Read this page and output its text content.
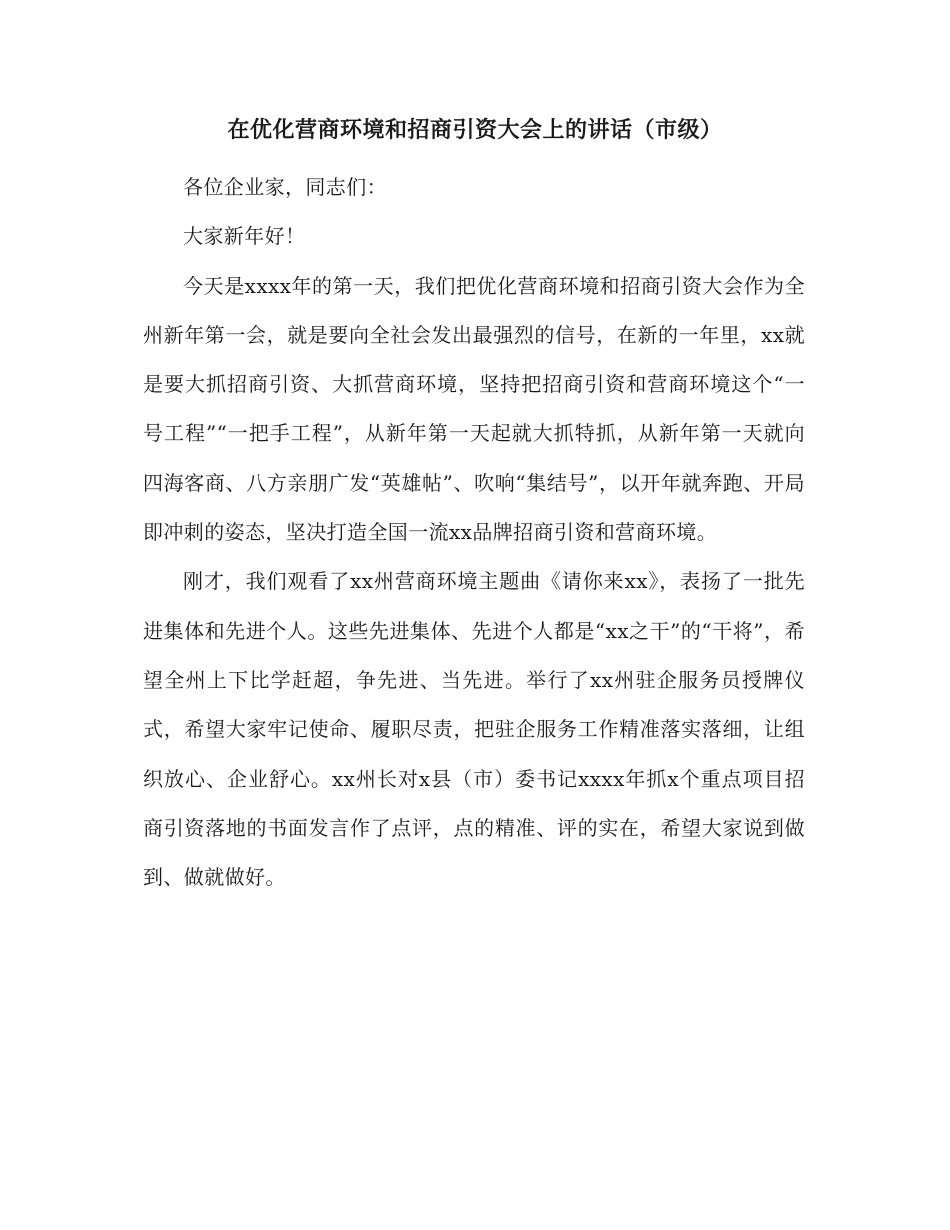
在优化营商环境和招商引资大会上的讲话（市级）

各位企业家，同志们：

大家新年好！

今天是xxxx年的第一天，我们把优化营商环境和招商引资大会作为全州新年第一会，就是要向全社会发出最强烈的信号，在新的一年里，xx就是要大抓招商引资、大抓营商环境，坚持把招商引资和营商环境这个“一号工程”“一把手工程”，从新年第一天起就大抓特抓，从新年第一天就向四海客商、八方亲朋广发“英雄帖”、吹响“集结号”，以开年就奔跑、开局即冲刺的姿态，坚决打造全国一流xx品牌招商引资和营商环境。

刚才，我们观看了xx州营商环境主题曲《请你来xx》，表扬了一批先进集体和先进个人。这些先进集体、先进个人都是“xx之干”的“干将”，希望全州上下比学赶超，争先进、当先进。举行了xx州驻企服务员授牌仪式，希望大家牢记使命、履职尽责，把驻企服务工作精准落实落细，让组织放心、企业舒心。xx州长对x县（市）委书记xxxx年抓x个重点项目招商引资落地的书面发言作了点评，点的精准、评的实在，希望大家说到做到、做就做好。
